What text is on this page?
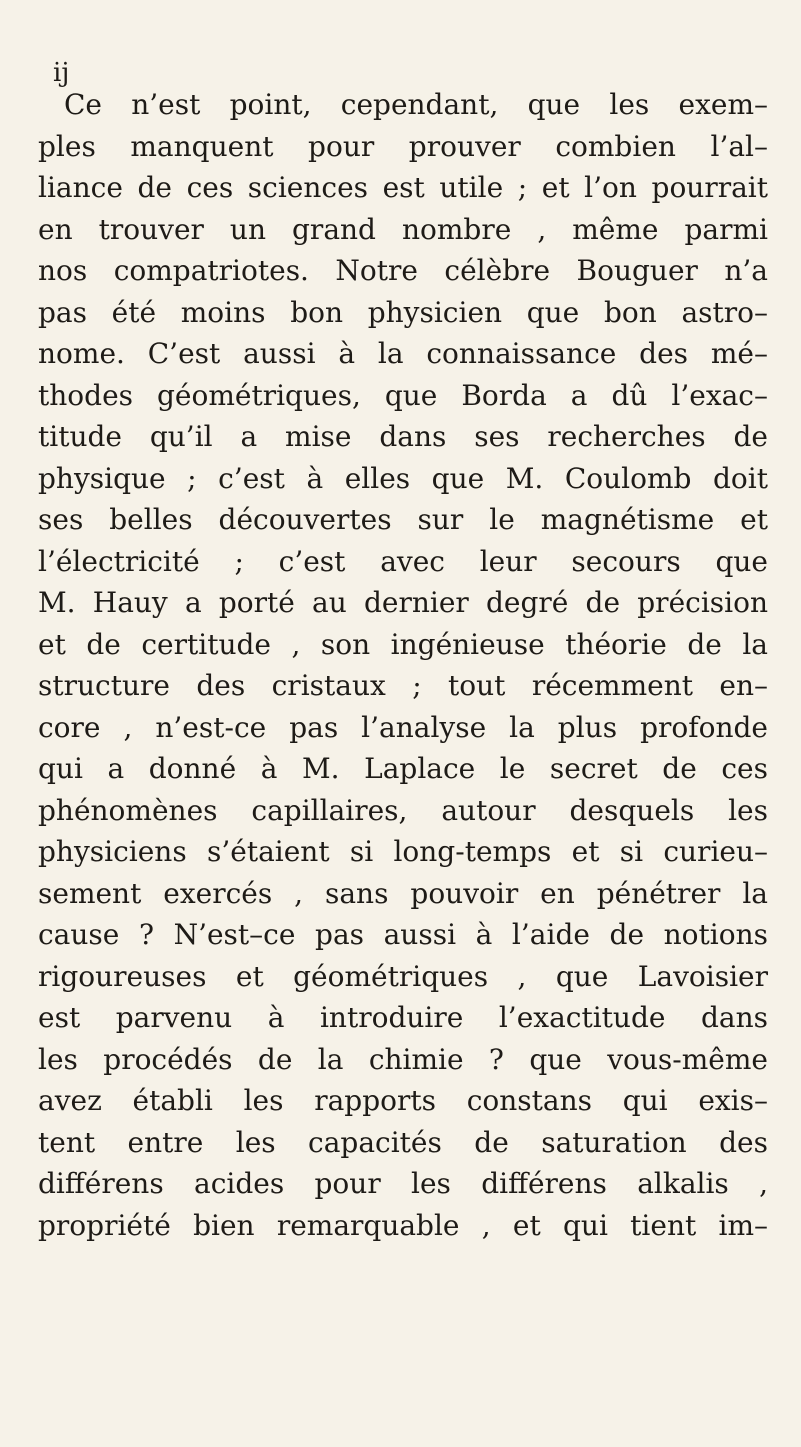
ij
Ce n’est point, cependant, que les exem–
ples manquent pour prouver combien l’al–
liance de ces sciences est utile ; et l’on pourrait
en trouver un grand nombre , même parmi
nos compatriotes. Notre célèbre Bouguer n’a
pas été moins bon physicien que bon astro–
nome. C’est aussi à la connaissance des mé–
thodes géométriques, que Borda a dû l’exac–
titude qu’il a mise dans ses recherches de
physique ; c’est à elles que M. Coulomb doit
ses belles découvertes sur le magnétisme et
l’électricité ; c’est avec leur secours que
M. Hauy a porté au dernier degré de précision
et de certitude , son ingénieuse théorie de la
structure des cristaux ; tout récemment en–
core , n’est-ce pas l’analyse la plus profonde
qui a donné à M. Laplace le secret de ces
phénomènes capillaires, autour desquels les
physiciens s’étaient si long-temps et si curieu–
sement exercés , sans pouvoir en pénétrer la
cause ? N’est–ce pas aussi à l’aide de notions
rigoureuses et géométriques , que Lavoisier
est parvenu à introduire l’exactitude dans
les procédés de la chimie ? que vous-même
avez établi les rapports constans qui exis–
tent entre les capacités de saturation des
différens acides pour les différens alkalis ,
propriété bien remarquable , et qui tient im–
